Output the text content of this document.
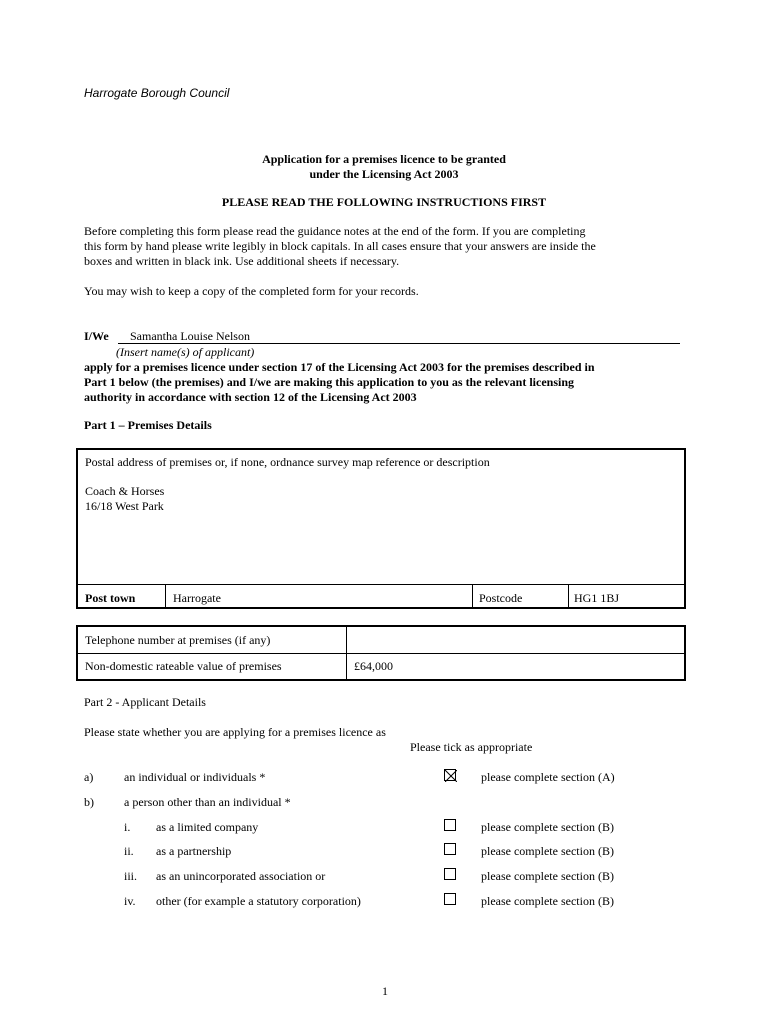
Harrogate Borough Council
Application for a premises licence to be granted
under the Licensing Act 2003
PLEASE READ THE FOLLOWING INSTRUCTIONS FIRST
Before completing this form please read the guidance notes at the end of the form. If you are completing
this form by hand please write legibly in block capitals. In all cases ensure that your answers are inside the
boxes and written in black ink. Use additional sheets if necessary.
You may wish to keep a copy of the completed form for your records.
I/We Samantha Louise Nelson
(Insert name(s) of applicant)
apply for a premises licence under section 17 of the Licensing Act 2003 for the premises described in
Part 1 below (the premises) and I/we are making this application to you as the relevant licensing
authority in accordance with section 12 of the Licensing Act 2003
Part 1 – Premises Details
Postal address of premises or, if none, ordnance survey map reference or description
Coach & Horses
16/18 West Park
Post town	Harrogate	Postcode	HG1 1BJ
Telephone number at premises (if any)
Non-domestic rateable value of premises	£64,000
Part 2 - Applicant Details
Please state whether you are applying for a premises licence as
Please tick as appropriate
a)	an individual or individuals *	please complete section (A)
b)	a person other than an individual *
i. as a limited company	please complete section (B)
ii. as a partnership	please complete section (B)
iii. as an unincorporated association or	please complete section (B)
iv. other (for example a statutory corporation)	please complete section (B)
1
